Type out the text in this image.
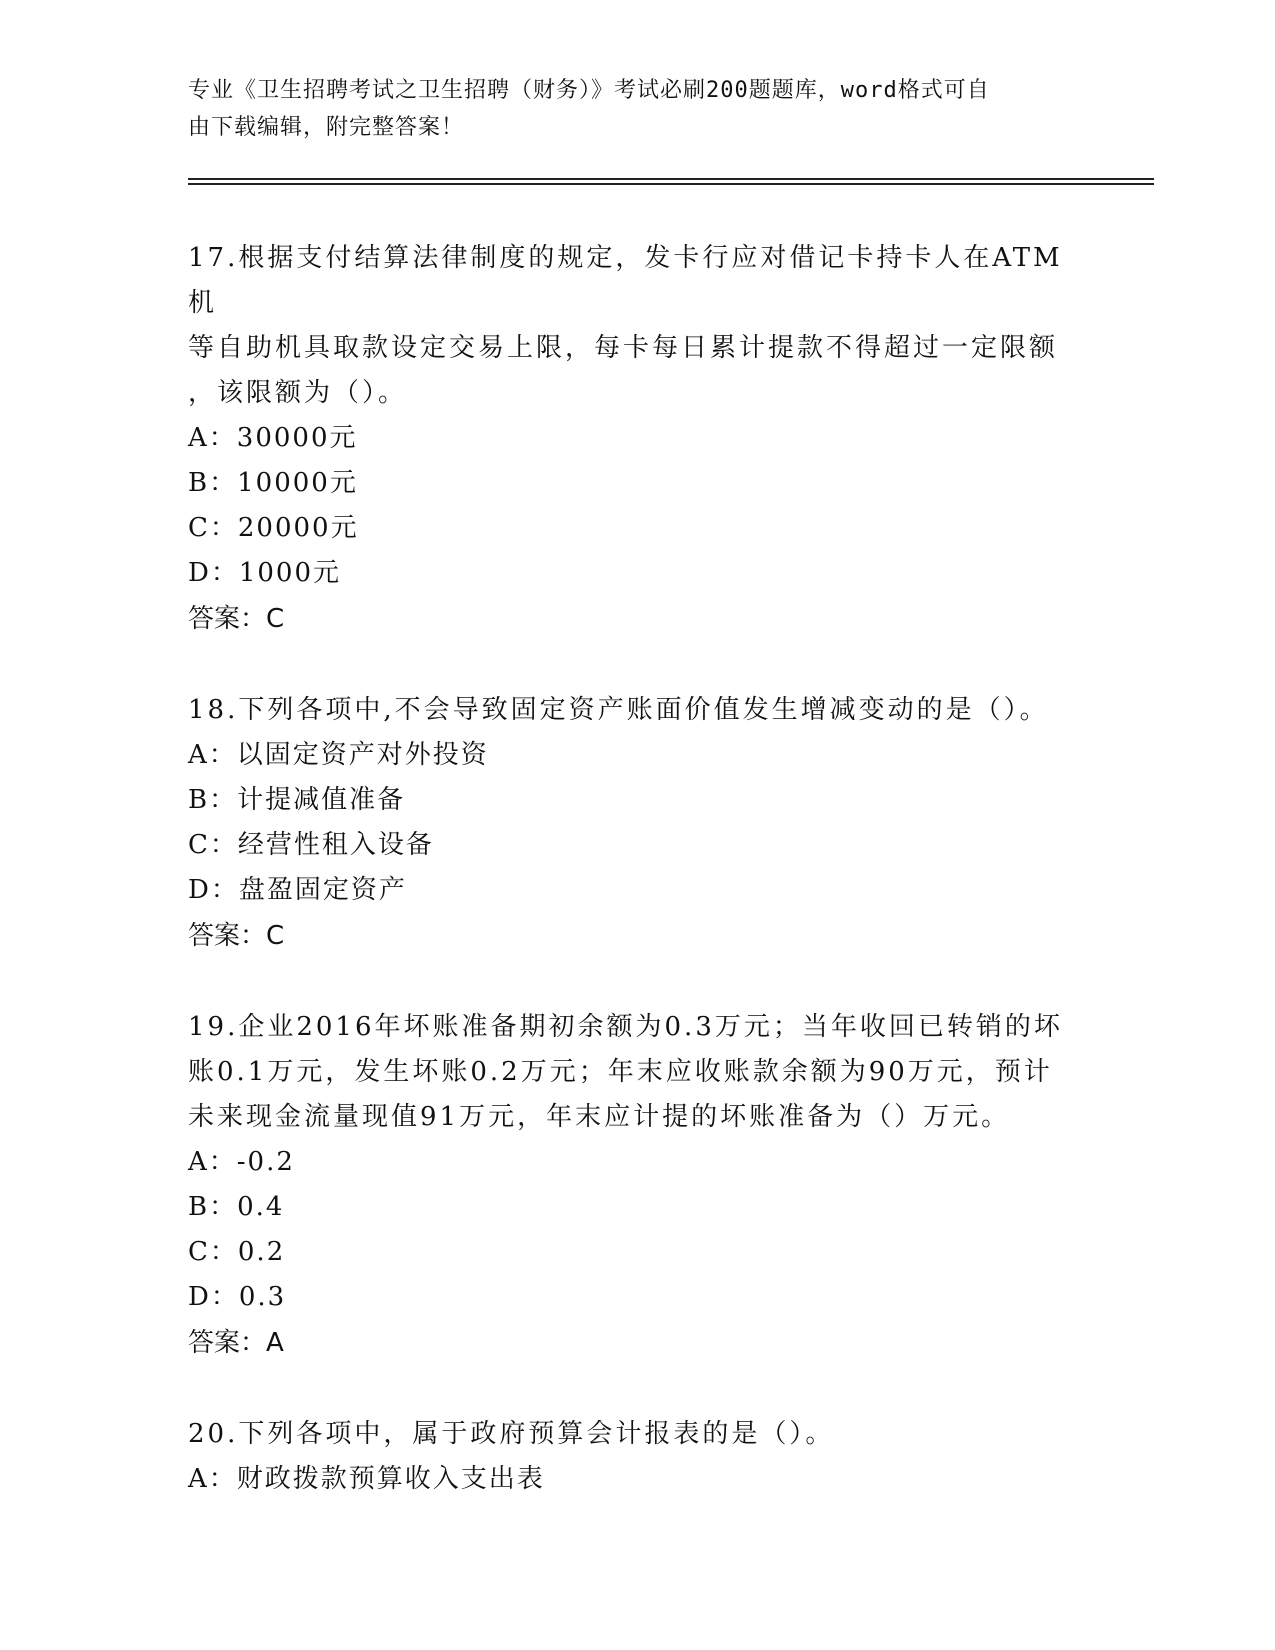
专业《卫生招聘考试之卫生招聘（财务）》考试必刷200题题库，word格式可自
由下载编辑，附完整答案！
17.根据支付结算法律制度的规定，发卡行应对借记卡持卡人在ATM机
等自助机具取款设定交易上限，每卡每日累计提款不得超过一定限额
，该限额为（）。
A：30000元
B：10000元
C：20000元
D：1000元
答案：C
18.下列各项中,不会导致固定资产账面价值发生增减变动的是（）。
A：以固定资产对外投资
B：计提减值准备
C：经营性租入设备
D：盘盈固定资产
答案：C
19.企业2016年坏账准备期初余额为0.3万元；当年收回已转销的坏
账0.1万元，发生坏账0.2万元；年末应收账款余额为90万元，预计
未来现金流量现值91万元，年末应计提的坏账准备为（）万元。
A：-0.2
B：0.4
C：0.2
D：0.3
答案：A
20.下列各项中，属于政府预算会计报表的是（）。
A：财政拨款预算收入支出表
